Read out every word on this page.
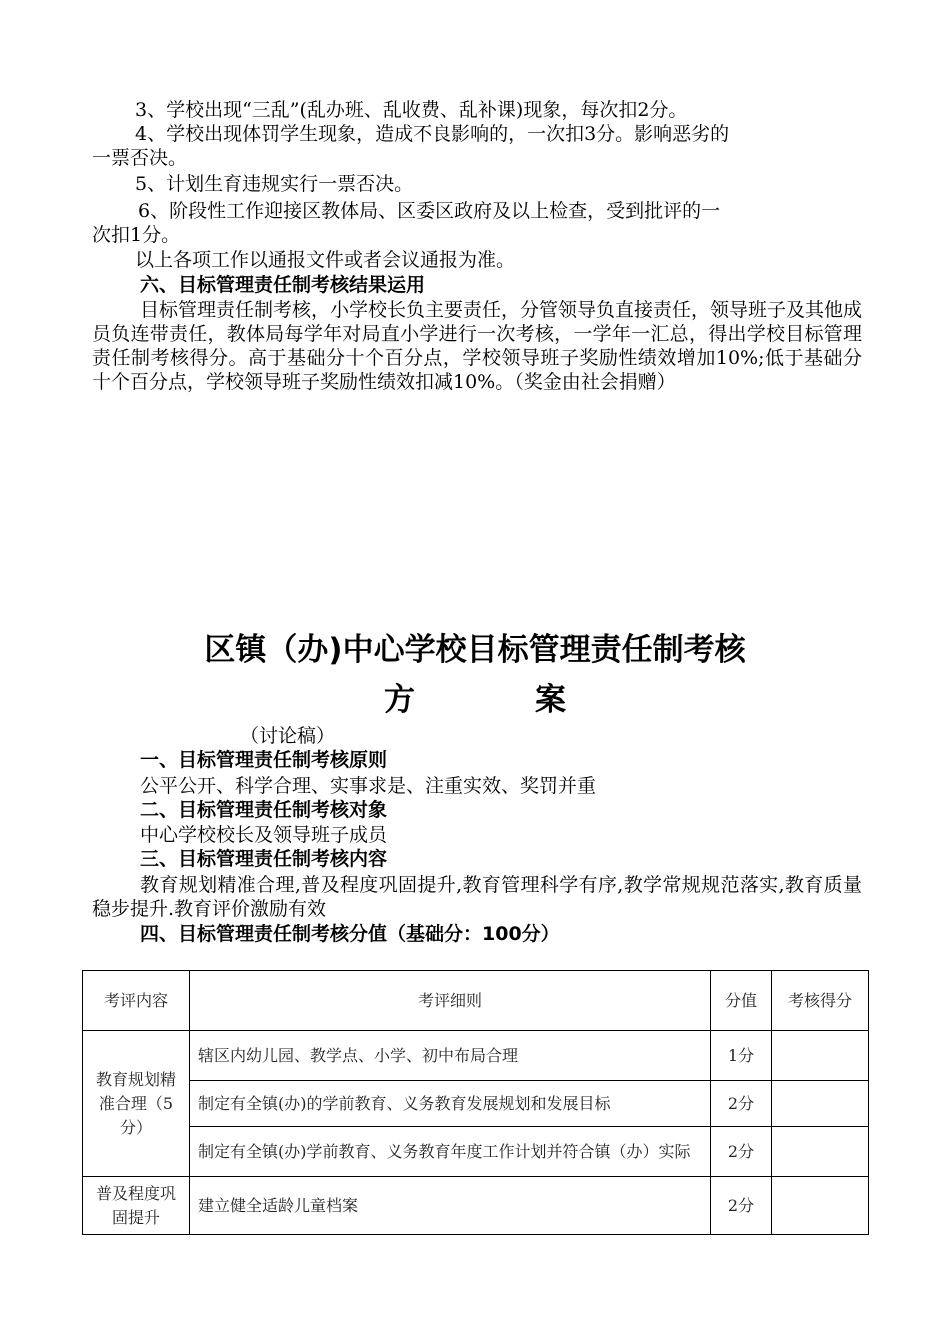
3、学校出现“三乱”(乱办班、乱收费、乱补课)现象，每次扣2分。
4、学校出现体罚学生现象，造成不良影响的，一次扣3分。影响恶劣的
一票否决。
5、计划生育违规实行一票否决。
6、阶段性工作迎接区教体局、区委区政府及以上检查，受到批评的一
次扣1分。
以上各项工作以通报文件或者会议通报为准。
六、目标管理责任制考核结果运用
目标管理责任制考核，小学校长负主要责任，分管领导负直接责任，领导班子及其他成员负连带责任，教体局每学年对局直小学进行一次考核，一学年一汇总，得出学校目标管理责任制考核得分。高于基础分十个百分点，学校领导班子奖励性绩效增加10%;低于基础分十个百分点，学校领导班子奖励性绩效扣减10%。（奖金由社会捐赠）
区镇（办)中心学校目标管理责任制考核
方	案
（讨论稿）
一、目标管理责任制考核原则
公平公开、科学合理、实事求是、注重实效、奖罚并重
二、目标管理责任制考核对象
中心学校校长及领导班子成员
三、目标管理责任制考核内容
教育规划精准合理,普及程度巩固提升,教育管理科学有序,教学常规规范落实,教育质量稳步提升.教育评价激励有效
四、目标管理责任制考核分值（基础分：100分）
考评内容	考评细则	分值	考核得分
教育规划精准合理（5分）	辖区内幼儿园、教学点、小学、初中布局合理	1分	
	制定有全镇(办)的学前教育、义务教育发展规划和发展目标	2分	
	制定有全镇(办)学前教育、义务教育年度工作计划并符合镇（办）实际	2分	
普及程度巩固提升	建立健全适龄儿童档案	2分	
